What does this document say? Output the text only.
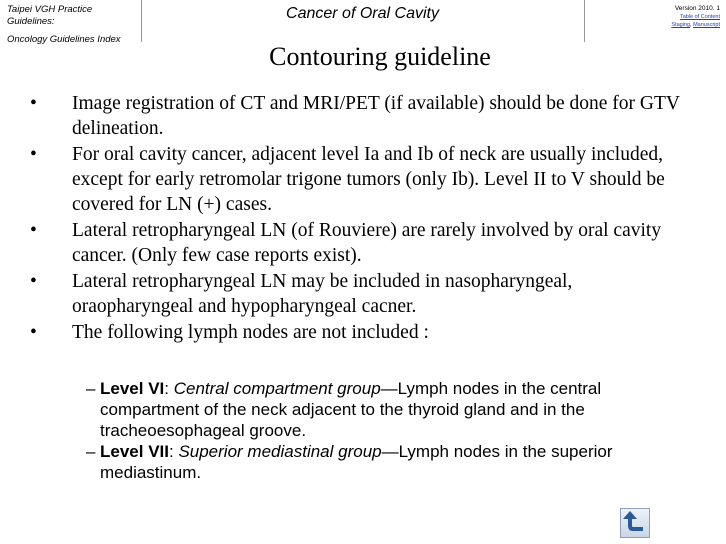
Taipei VGH Practice
Guidelines:
Oncology Guidelines Index
Cancer of Oral Cavity	Version 2010. 1
Table of Content
Staging, Manuscript
Contouring guideline
• Image registration of CT and MRI/PET (if available) should be done for GTV delineation.
• For oral cavity cancer, adjacent level Ia and Ib of neck are usually included, except for early retromolar trigone tumors (only Ib). Level II to V should be covered for LN (+) cases.
• Lateral retropharyngeal LN (of Rouviere) are rarely involved by oral cavity cancer. (Only few case reports exist).
• Lateral retropharyngeal LN may be included in nasopharyngeal, oraopharyngeal and hypopharyngeal cacner.
• The following lymph nodes are not included :
– Level VI: Central compartment group—Lymph nodes in the central compartment of the neck adjacent to the thyroid gland and in the tracheoesophageal groove.
– Level VII: Superior mediastinal group—Lymph nodes in the superior mediastinum.
